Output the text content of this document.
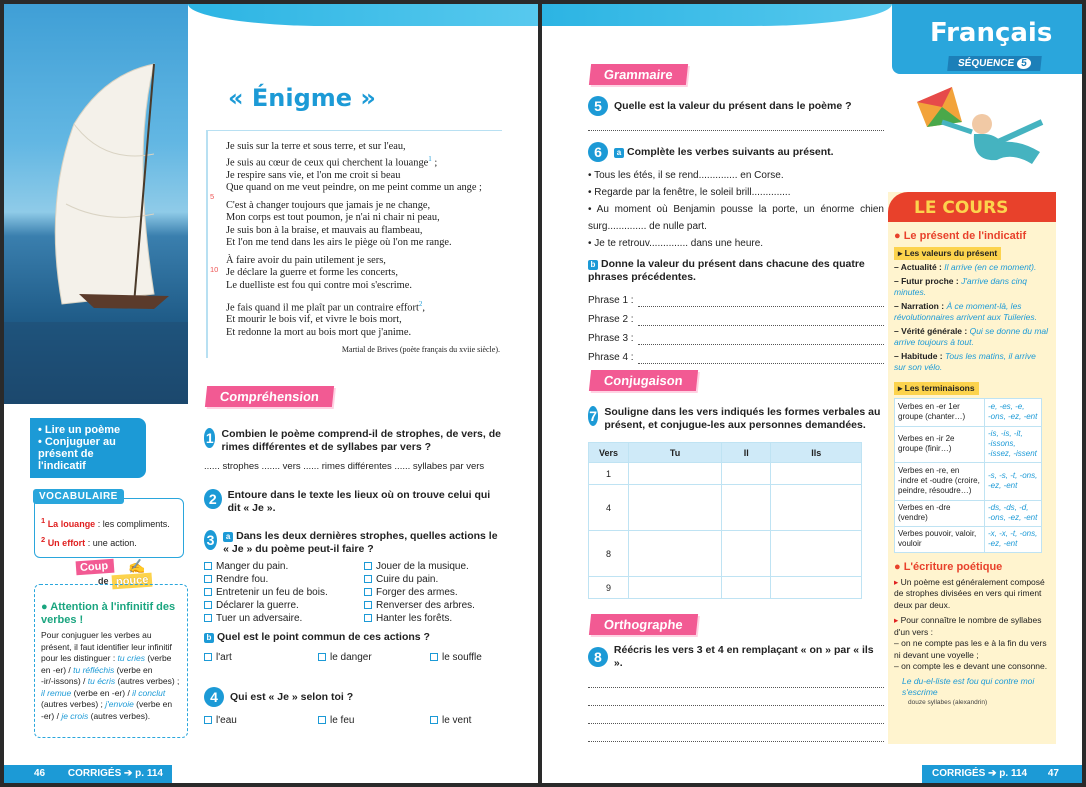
• Lire un poème
• Conjuguer au présent de l'indicatif
VOCABULAIRE
$^1$ La louange : les compliments.
$^2$ Un effort : une action.
Coup
de pouce
✍
● Attention à l'infinitif des verbes !
Pour conjuguer les verbes au présent, il faut identifier leur infinitif pour les distinguer : tu cries (verbe en ‑er) / tu réfléchis (verbe en ‑ir/‑issons) / tu écris (autres verbes) ; il remue (verbe en ‑er) / il conclut (autres verbes) ; j'envoie (verbe en ‑er) / je crois (autres verbes).
« Énigme »
5
10

Je suis sur la terre et sous terre, et sur l'eau,

Je suis au cœur de ceux qui cherchent la louange$^1$ ;

Je respire sans vie, et l'on me croit si beau

Que quand on me veut peindre, on me peint comme un ange ;

C'est à changer toujours que jamais je ne change,

Mon corps est tout poumon, je n'ai ni chair ni peau,

Je suis bon à la braise, et mauvais au flambeau,

Et l'on me tend dans les airs le piège où l'on me range.

À faire avoir du pain utilement je sers,

Je déclare la guerre et forme les concerts,

Le duelliste est fou qui contre moi s'escrime.

Je fais quand il me plaît par un contraire effort$^2$,

Et mourir le bois vif, et vivre le bois mort,

Et redonne la mort au bois mort que j'anime.

Martial de Brives (poète français du xviie siècle).

Compréhension
1 Combien le poème comprend-il de strophes, de vers, de rimes différentes et de syllabes par vers ?
...... strophes ....... vers ...... rimes différentes ...... syllabes par vers
2	Entoure dans le texte les lieux où on trouve celui qui dit « Je ».
3	a Dans les deux dernières strophes, quelles actions le « Je » du poème peut-il faire ?
Manger du pain.
Rendre fou.
Entretenir un feu de bois.
Déclarer la guerre.
Tuer un adversaire.
Jouer de la musique.
Cuire du pain.
Forger des armes.
Renverser des arbres.
Hanter les forêts.
b Quel est le point commun de ces actions ?
l'art	le danger	le souffle
4	Qui est « Je » selon toi ?
l'eau	le feu	le vent
46 CORRIGÉS ➔ p. 114
Français
SÉQUENCE 5
Grammaire
5	Quelle est la valeur du présent dans le poème ?
6	a Complète les verbes suivants au présent.
• Tous les étés, il se rend.............. en Corse.
• Regarde par la fenêtre, le soleil brill..............
• Au moment où Benjamin pousse la porte, un énorme chien surg.............. de nulle part.
• Je te retrouv.............. dans une heure.
b Donne la valeur du présent dans chacune des quatre phrases précédentes.
Phrase 1 :
Phrase 2 :
Phrase 3 :
Phrase 4 :
Conjugaison
7 Souligne dans les vers indiqués les formes verbales au présent, et conjugue-les aux personnes demandées.
Vers	Tu	Il	Ils
1			
4			
8			
9			
Orthographe
8	Réécris les vers 3 et 4 en remplaçant « on » par « ils ».
LE COURS
● Le présent de l'indicatif
▸ Les valeurs du présent
– Actualité : Il arrive (en ce moment).
– Futur proche : J'arrive dans cinq minutes.
– Narration : À ce moment-là, les révolutionnaires arrivent aux Tuileries.
– Vérité générale : Qui se donne du mal arrive toujours à tout.
– Habitude : Tous les matins, il arrive sur son vélo.
▸ Les terminaisons
Verbes en ‑er 1er groupe (chanter…)	‑e, ‑es, ‑e, ‑ons, ‑ez, ‑ent
Verbes en ‑ir 2e groupe (finir…)	‑is, ‑is, ‑it, ‑issons, ‑issez, ‑issent
Verbes en ‑re, en ‑indre et ‑oudre (croire, peindre, résoudre…)	‑s, ‑s, ‑t, ‑ons, ‑ez, ‑ent
Verbes en ‑dre (vendre)	‑ds, ‑ds, ‑d, ‑ons, ‑ez, ‑ent
Verbes pouvoir, valoir, vouloir	‑x, ‑x, ‑t, ‑ons, ‑ez, ‑ent
● L'écriture poétique
▸ Un poème est généralement composé de strophes divisées en vers qui riment deux par deux.
▸ Pour connaître le nombre de syllabes d'un vers :
– on ne compte pas les e à la fin du vers ni devant une voyelle ;
– on compte les e devant une consonne.
Le du-el-liste est fou qui contre moi s'escrime
douze syllabes (alexandrin)
CORRIGÉS ➔ p. 114 47
